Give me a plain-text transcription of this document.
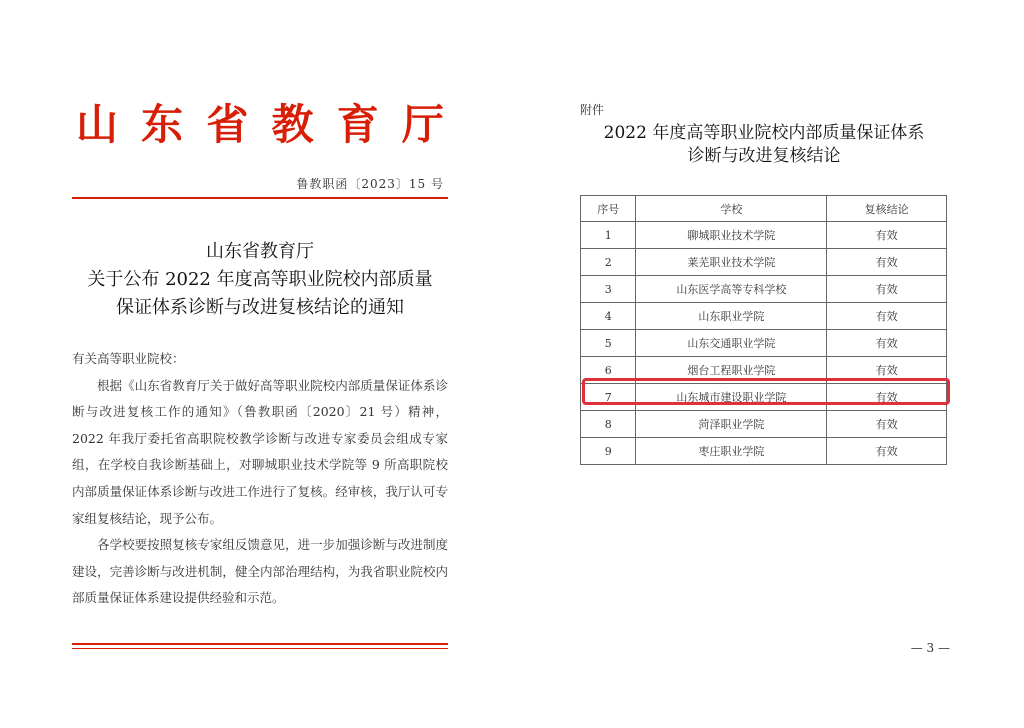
山 东 省 教 育 厅
鲁教职函〔2023〕15 号
山东省教育厅
关于公布 2022 年度高等职业院校内部质量
保证体系诊断与改进复核结论的通知

有关高等职业院校：

根据《山东省教育厅关于做好高等职业院校内部质量保证体系诊断与改进复核工作的通知》（鲁教职函〔2020〕21 号）精神，2022 年我厅委托省高职院校教学诊断与改进专家委员会组成专家组，在学校自我诊断基础上，对聊城职业技术学院等 9 所高职院校内部质量保证体系诊断与改进工作进行了复核。经审核，我厅认可专家组复核结论，现予公布。

各学校要按照复核专家组反馈意见，进一步加强诊断与改进制度建设，完善诊断与改进机制，健全内部治理结构，为我省职业院校内部质量保证体系建设提供经验和示范。

附件
2022 年度高等职业院校内部质量保证体系
诊断与改进复核结论
序号	学校	复核结论
1	聊城职业技术学院	有效
2	莱芜职业技术学院	有效
3	山东医学高等专科学校	有效
4	山东职业学院	有效
5	山东交通职业学院	有效
6	烟台工程职业学院	有效
7	山东城市建设职业学院	有效
8	菏泽职业学院	有效
9	枣庄职业学院	有效
— 3 —
